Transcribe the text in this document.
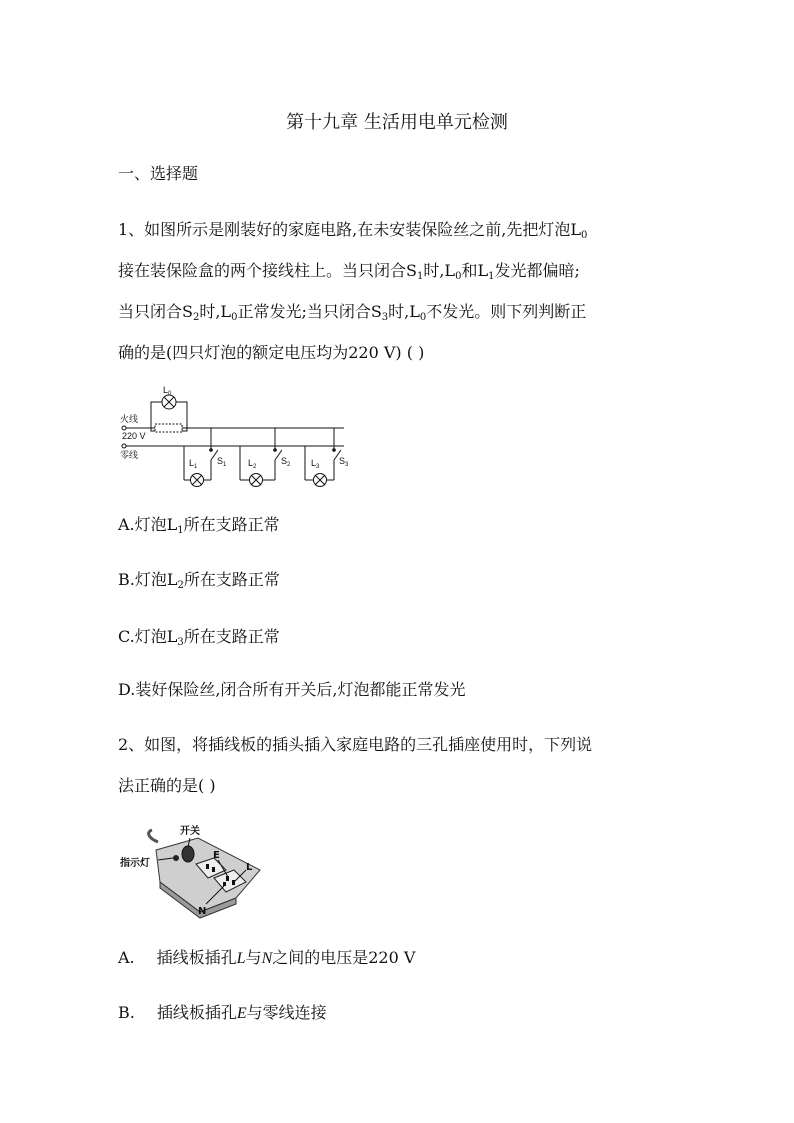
第十九章 生活用电单元检测
一、选择题
1、如图所示是刚装好的家庭电路,在未安装保险丝之前,先把灯泡$L_0$
接在装保险盒的两个接线柱上。当只闭合$S_1$时$,L_0$和$L_1$发光都偏暗;
当只闭合$S_2$时$,L_0$正常发光;当只闭合$S_3$时$,L_0$不发光。则下列判断正
确的是(四只灯泡的额定电压均为220 V) ( )
$L_0$
火线
220 V
零线
$L_1$
$S_1$ $L_2$
$S_2$ $L_3$
$S_3$
A.灯泡$L_1$所在支路正常
B.灯泡$L_2$所在支路正常
C.灯泡$L_3$所在支路正常
D.装好保险丝,闭合所有开关后,灯泡都能正常发光
2、如图，将插线板的插头插入家庭电路的三孔插座使用时，下列说
法正确的是( )
开关
指示灯
E
L
N
A. 插线板插孔L与N之间的电压是220 V
B. 插线板插孔E与零线连接
